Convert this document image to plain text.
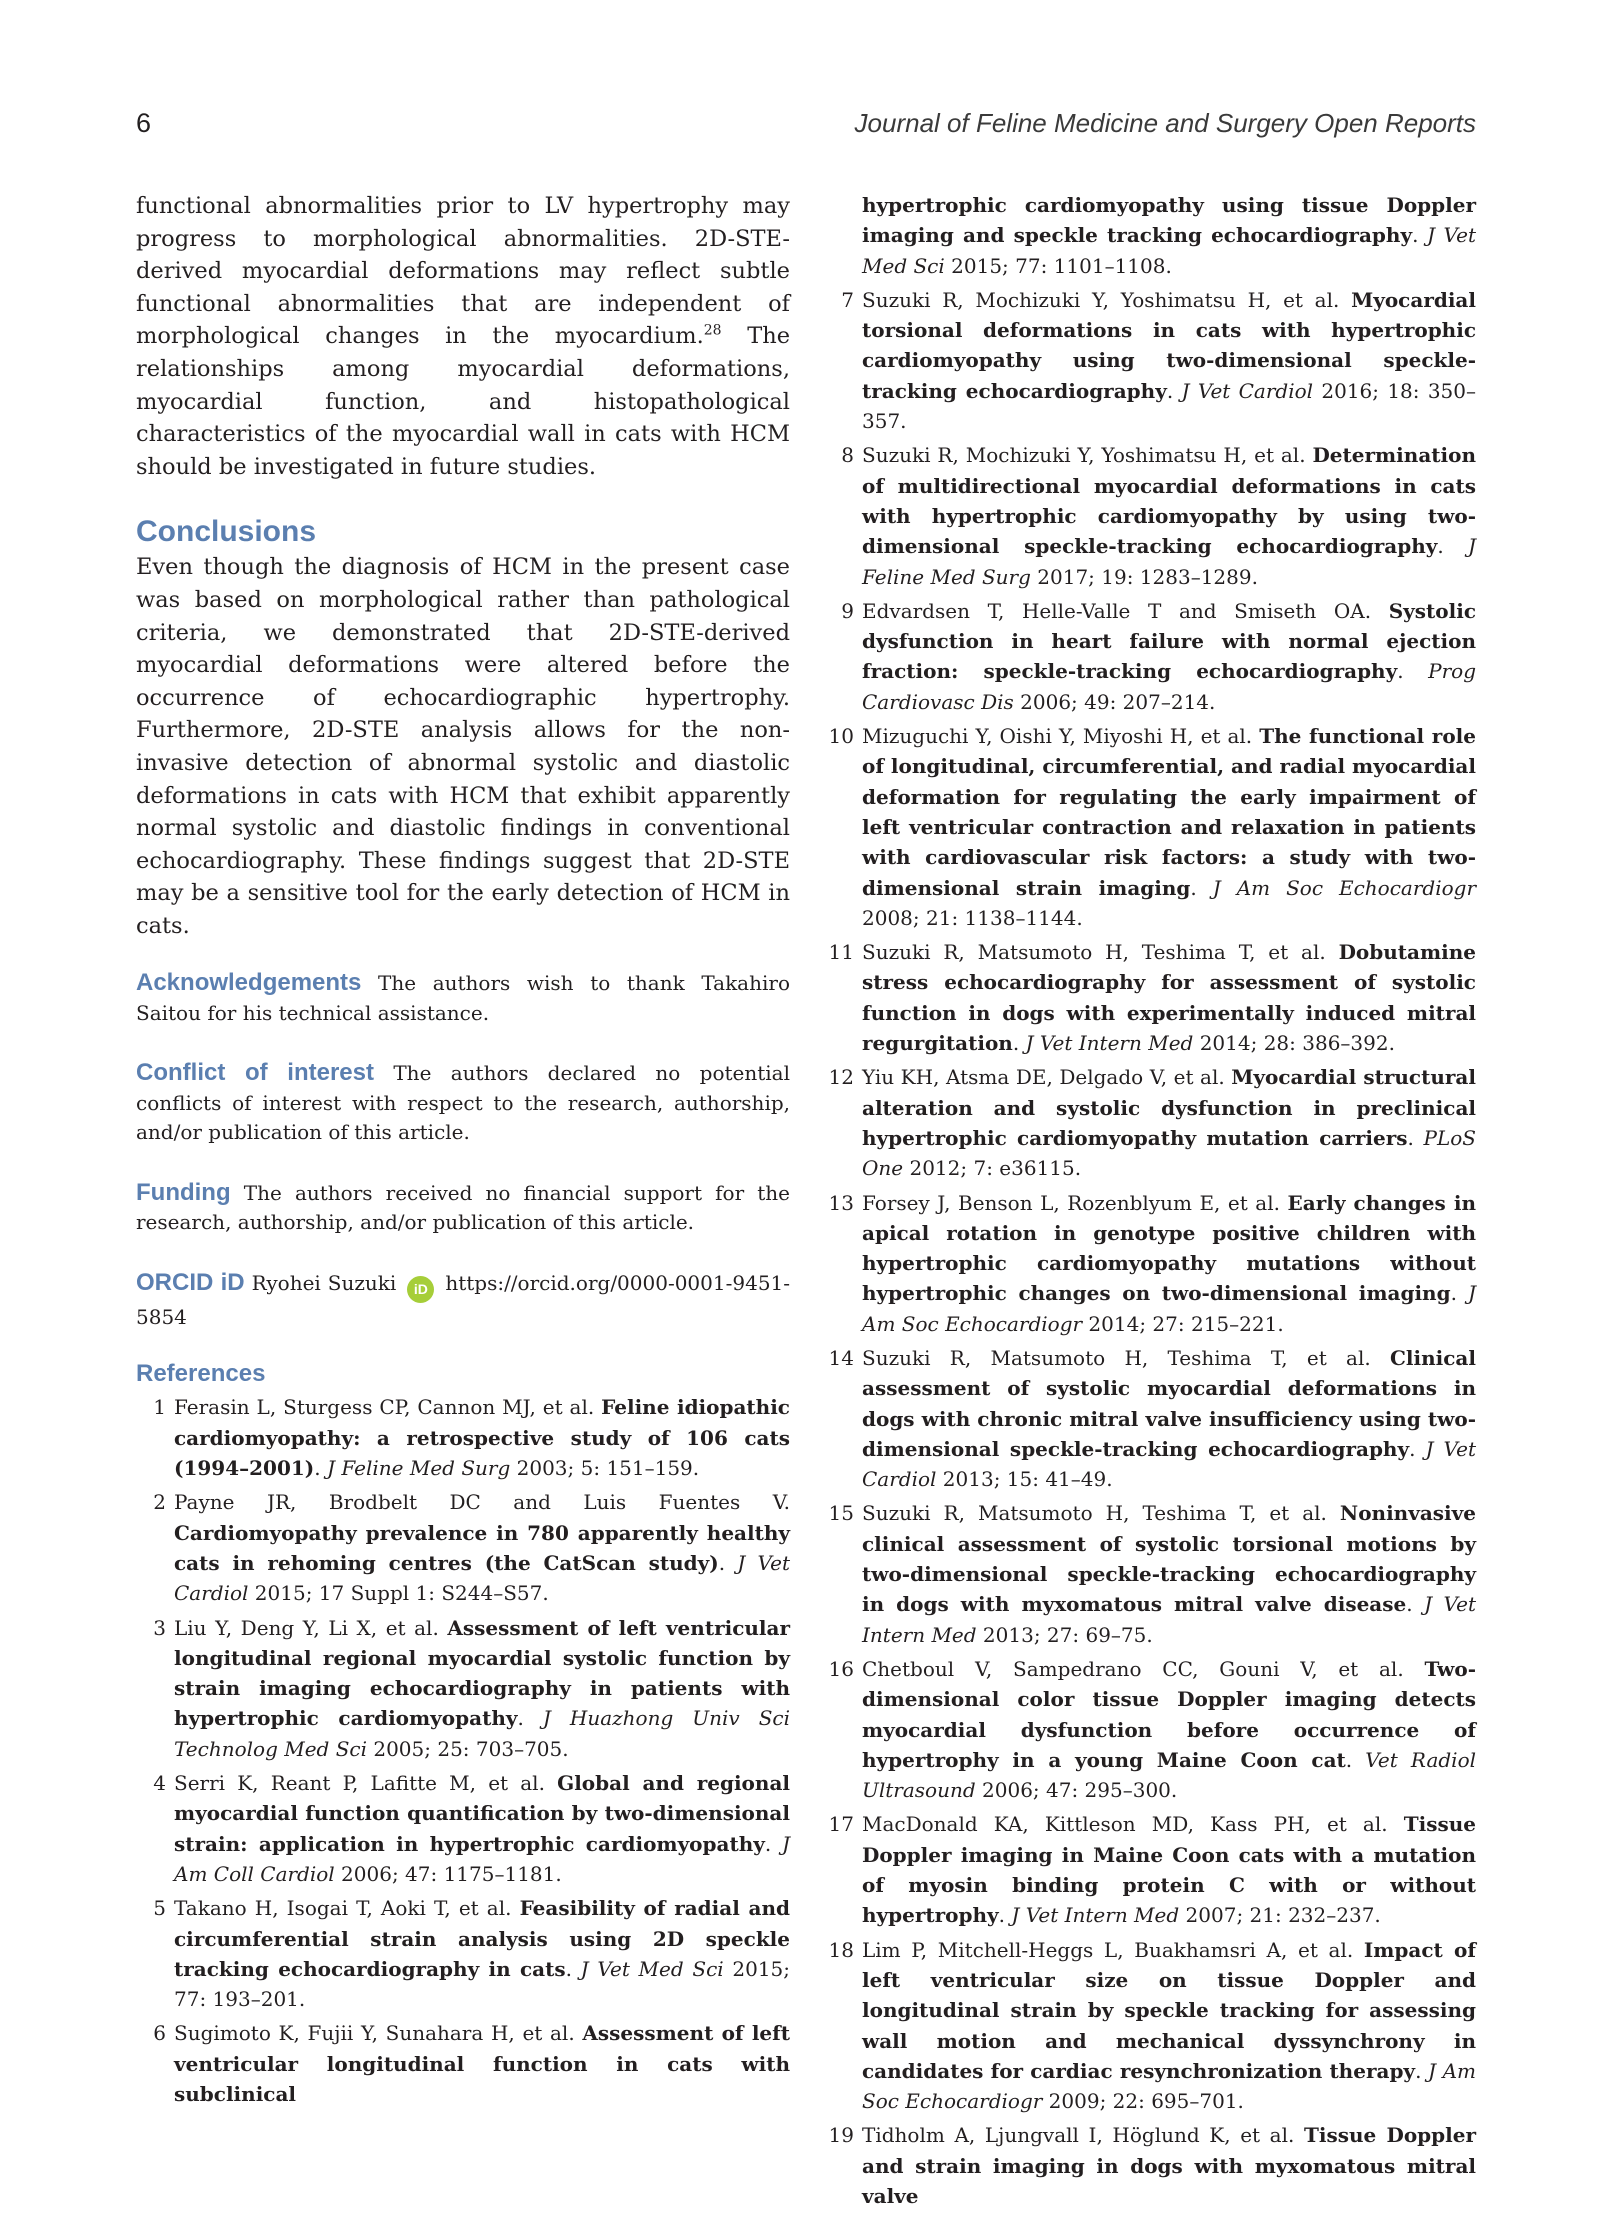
6	Journal of Feline Medicine and Surgery Open Reports

functional abnormalities prior to LV hypertrophy may progress to morphological abnormalities. 2D-STE-derived myocardial deformations may reflect subtle functional abnormalities that are independent of morphological changes in the myocardium.$^{28}$ The relationships among myocardial deformations, myocardial function, and histopathological characteristics of the myocardial wall in cats with HCM should be investigated in future studies.

Conclusions

Even though the diagnosis of HCM in the present case was based on morphological rather than pathological criteria, we demonstrated that 2D-STE-derived myocardial deformations were altered before the occurrence of echocardiographic hypertrophy. Furthermore, 2D-STE analysis allows for the non-invasive detection of abnormal systolic and diastolic deformations in cats with HCM that exhibit apparently normal systolic and diastolic findings in conventional echocardiography. These findings suggest that 2D-STE may be a sensitive tool for the early detection of HCM in cats.

Acknowledgements The authors wish to thank Takahiro Saitou for his technical assistance.

Conflict of interest The authors declared no potential conflicts of interest with respect to the research, authorship, and/or publication of this article.

Funding The authors received no financial support for the research, authorship, and/or publication of this article.

ORCID iD Ryohei Suzuki iD https://orcid.org/0000-0001-9451-5854

References
1 Ferasin L, Sturgess CP, Cannon MJ, et al. Feline idiopathic cardiomyopathy: a retrospective study of 106 cats (1994–2001). J Feline Med Surg 2003; 5: 151–159.
2 Payne JR, Brodbelt DC and Luis Fuentes V. Cardiomyopathy prevalence in 780 apparently healthy cats in rehoming centres (the CatScan study). J Vet Cardiol 2015; 17 Suppl 1: S244–S57.
3 Liu Y, Deng Y, Li X, et al. Assessment of left ventricular longitudinal regional myocardial systolic function by strain imaging echocardiography in patients with hypertrophic cardiomyopathy. J Huazhong Univ Sci Technolog Med Sci 2005; 25: 703–705.
4 Serri K, Reant P, Lafitte M, et al. Global and regional myocardial function quantification by two-dimensional strain: application in hypertrophic cardiomyopathy. J Am Coll Cardiol 2006; 47: 1175–1181.
5 Takano H, Isogai T, Aoki T, et al. Feasibility of radial and circumferential strain analysis using 2D speckle tracking echocardiography in cats. J Vet Med Sci 2015; 77: 193–201.
6 Sugimoto K, Fujii Y, Sunahara H, et al. Assessment of left ventricular longitudinal function in cats with subclinical
hypertrophic cardiomyopathy using tissue Doppler imaging and speckle tracking echocardiography. J Vet Med Sci 2015; 77: 1101–1108.
7 Suzuki R, Mochizuki Y, Yoshimatsu H, et al. Myocardial torsional deformations in cats with hypertrophic cardiomyopathy using two-dimensional speckle-tracking echocardiography. J Vet Cardiol 2016; 18: 350–357.
8 Suzuki R, Mochizuki Y, Yoshimatsu H, et al. Determination of multidirectional myocardial deformations in cats with hypertrophic cardiomyopathy by using two-dimensional speckle-tracking echocardiography. J Feline Med Surg 2017; 19: 1283–1289.
9 Edvardsen T, Helle-Valle T and Smiseth OA. Systolic dysfunction in heart failure with normal ejection fraction: speckle-tracking echocardiography. Prog Cardiovasc Dis 2006; 49: 207–214.
10 Mizuguchi Y, Oishi Y, Miyoshi H, et al. The functional role of longitudinal, circumferential, and radial myocardial deformation for regulating the early impairment of left ventricular contraction and relaxation in patients with cardiovascular risk factors: a study with two-dimensional strain imaging. J Am Soc Echocardiogr 2008; 21: 1138–1144.
11 Suzuki R, Matsumoto H, Teshima T, et al. Dobutamine stress echocardiography for assessment of systolic function in dogs with experimentally induced mitral regurgitation. J Vet Intern Med 2014; 28: 386–392.
12 Yiu KH, Atsma DE, Delgado V, et al. Myocardial structural alteration and systolic dysfunction in preclinical hypertrophic cardiomyopathy mutation carriers. PLoS One 2012; 7: e36115.
13 Forsey J, Benson L, Rozenblyum E, et al. Early changes in apical rotation in genotype positive children with hypertrophic cardiomyopathy mutations without hypertrophic changes on two-dimensional imaging. J Am Soc Echocardiogr 2014; 27: 215–221.
14 Suzuki R, Matsumoto H, Teshima T, et al. Clinical assessment of systolic myocardial deformations in dogs with chronic mitral valve insufficiency using two-dimensional speckle-tracking echocardiography. J Vet Cardiol 2013; 15: 41–49.
15 Suzuki R, Matsumoto H, Teshima T, et al. Noninvasive clinical assessment of systolic torsional motions by two-dimensional speckle-tracking echocardiography in dogs with myxomatous mitral valve disease. J Vet Intern Med 2013; 27: 69–75.
16 Chetboul V, Sampedrano CC, Gouni V, et al. Two-dimensional color tissue Doppler imaging detects myocardial dysfunction before occurrence of hypertrophy in a young Maine Coon cat. Vet Radiol Ultrasound 2006; 47: 295–300.
17 MacDonald KA, Kittleson MD, Kass PH, et al. Tissue Doppler imaging in Maine Coon cats with a mutation of myosin binding protein C with or without hypertrophy. J Vet Intern Med 2007; 21: 232–237.
18 Lim P, Mitchell-Heggs L, Buakhamsri A, et al. Impact of left ventricular size on tissue Doppler and longitudinal strain by speckle tracking for assessing wall motion and mechanical dyssynchrony in candidates for cardiac resynchronization therapy. J Am Soc Echocardiogr 2009; 22: 695–701.
19 Tidholm A, Ljungvall I, Höglund K, et al. Tissue Doppler and strain imaging in dogs with myxomatous mitral valve
